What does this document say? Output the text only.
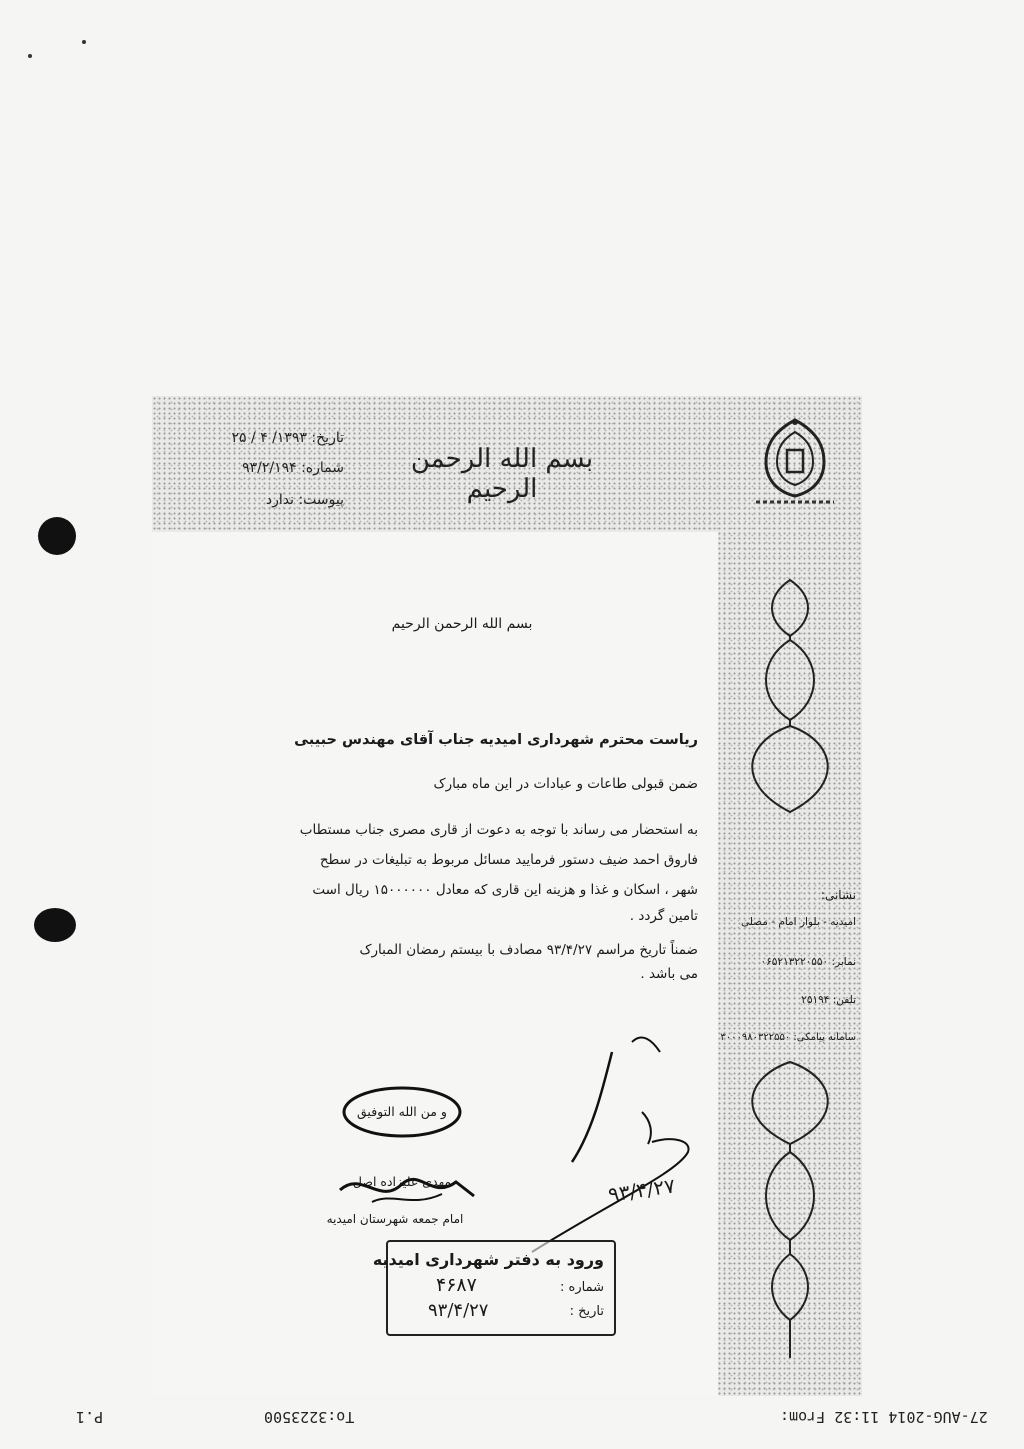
تاریخ: ۱۳۹۳/ ۴ / ۲۵
شماره: ۹۳/۲/۱۹۴
پیوست: ندارد
بسم الله الرحمن الرحیم
بسم الله الرحمن الرحیم
ریاست محترم شهرداری امیدیه جناب آقای مهندس حبیبی
ضمن قبولی طاعات و عبادات در این ماه مبارک
به استحضار می رساند با توجه به دعوت از قاری مصری جناب مستطاب
فاروق احمد ضیف دستور فرمایید مسائل مربوط به تبلیغات در سطح
شهر ، اسکان و غذا و هزینه این قاری که معادل ۱۵۰۰۰۰۰۰ ریال است
تامین گردد .
ضمناً تاریخ مراسم ۹۳/۴/۲۷ مصادف با بیستم رمضان المبارک
می باشد .
و من الله التوفیق
مهدی علیزاده اصل
امام جمعه شهرستان امیدیه
۹۳/۴/۲۷
نشانی:
امیدیه - بلوار امام - مصلی
نمابر: ۰۶۵۲۱۳۲۲۰۵۵۰
تلفن: ۲۵۱۹۴
سامانه پیامکی: ۳۰۰۰۹۸۰۳۲۲۵۵۰
ورود به دفتر شهرداری امیدیه
شماره :
۴۶۸۷
تاریخ :
۹۳/۴/۲۷
27-AUG-2014 11:32 From:
To:3223500
P.1
